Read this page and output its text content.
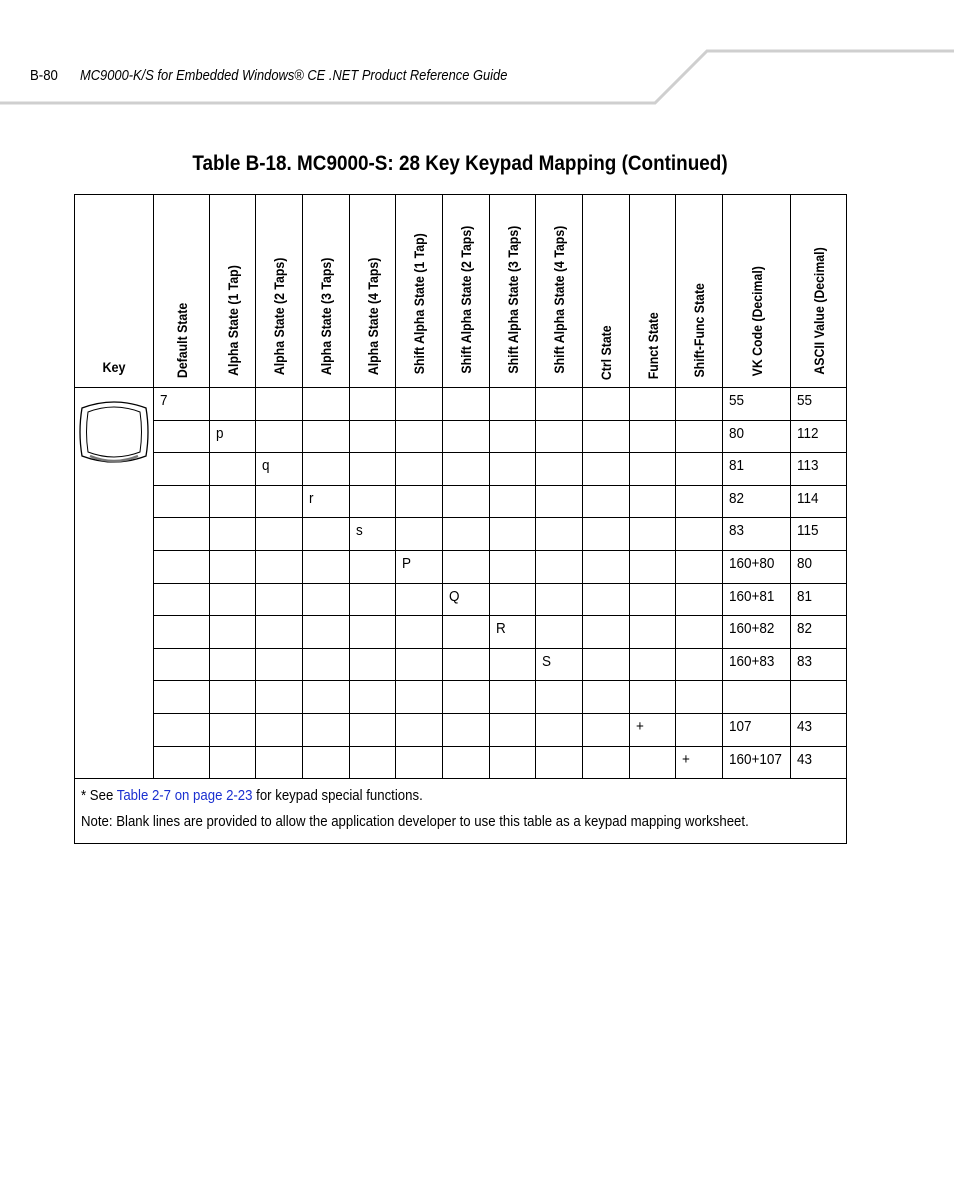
B-80 MC9000-K/S for Embedded Windows® CE .NET Product Reference Guide
Table B-18. MC9000-S: 28 Key Keypad Mapping (Continued)
Key	Default State	Alpha State (1 Tap)	Alpha State (2 Taps)	Alpha State (3 Taps)	Alpha State (4 Taps)	Shift Alpha State (1 Tap)	Shift Alpha State (2 Taps)	Shift Alpha State (3 Taps)	Shift Alpha State (4 Taps)	Ctrl State	Funct State	Shift-Func State	VK Code (Decimal)	ASCII Value (Decimal)
	7												55	55
		p											80	112
			q										81	113
				r									82	114
					s								83	115
						P							160+80	80
							Q						160+81	81
								R					160+82	82
									S				160+83	83

											+		107	43
												+	160+107	43

* See Table 2-7 on page 2-23 for keypad special functions.
Note: Blank lines are provided to allow the application developer to use this table as a keypad mapping worksheet.														
